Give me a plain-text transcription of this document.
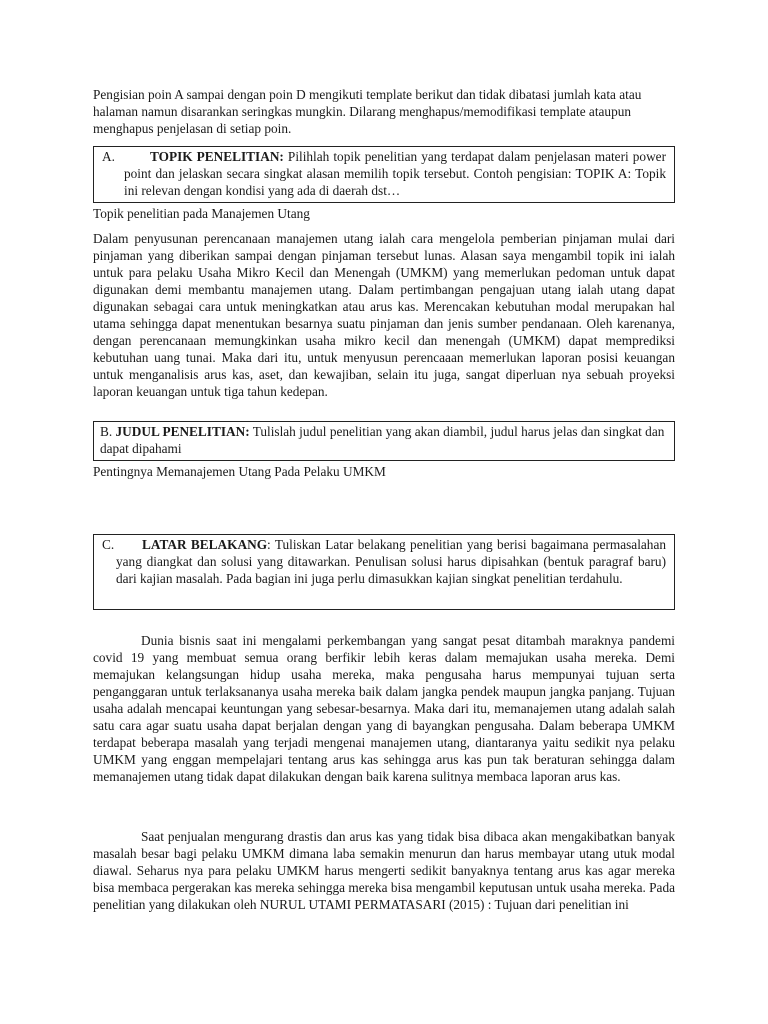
Pengisian poin A sampai dengan poin D mengikuti template berikut dan tidak dibatasi jumlah kata atau halaman namun disarankan seringkas mungkin. Dilarang menghapus/memodifikasi template ataupun menghapus penjelasan di setiap poin.

A.	TOPIK PENELITIAN: Pilihlah topik penelitian yang terdapat dalam penjelasan materi power point dan jelaskan secara singkat alasan memilih topik tersebut. Contoh pengisian: TOPIK A: Topik ini relevan dengan kondisi yang ada di daerah dst…
Topik penelitian pada Manajemen Utang

Dalam penyusunan perencanaan manajemen utang ialah cara mengelola pemberian pinjaman mulai dari pinjaman yang diberikan sampai dengan pinjaman tersebut lunas. Alasan saya mengambil topik ini ialah untuk para pelaku Usaha Mikro Kecil dan Menengah (UMKM) yang memerlukan pedoman untuk dapat digunakan demi membantu manajemen utang. Dalam pertimbangan pengajuan utang ialah utang dapat digunakan sebagai cara untuk meningkatkan atau arus kas. Merencakan kebutuhan modal merupakan hal utama sehingga dapat menentukan besarnya suatu pinjaman dan jenis sumber pendanaan. Oleh karenanya, dengan perencanaan memungkinkan usaha mikro kecil dan menengah (UMKM) dapat memprediksi kebutuhan uang tunai. Maka dari itu, untuk menyusun perencaaan memerlukan laporan posisi keuangan untuk menganalisis arus kas, aset, dan kewajiban, selain itu juga, sangat diperluan nya sebuah proyeksi laporan keuangan untuk tiga tahun kedepan.

B. JUDUL PENELITIAN: Tulislah judul penelitian yang akan diambil, judul harus jelas dan singkat dan dapat dipahami
Pentingnya Memanajemen Utang Pada Pelaku UMKM
C. LATAR BELAKANG: Tuliskan Latar belakang penelitian yang berisi bagaimana permasalahan yang diangkat dan solusi yang ditawarkan. Penulisan solusi harus dipisahkan (bentuk paragraf baru) dari kajian masalah. Pada bagian ini juga perlu dimasukkan kajian singkat penelitian terdahulu.

Dunia bisnis saat ini mengalami perkembangan yang sangat pesat ditambah maraknya pandemi covid 19 yang membuat semua orang berfikir lebih keras dalam memajukan usaha mereka. Demi memajukan kelangsungan hidup usaha mereka, maka pengusaha harus mempunyai tujuan serta penganggaran untuk terlaksananya usaha mereka baik dalam jangka pendek maupun jangka panjang. Tujuan usaha adalah mencapai keuntungan yang sebesar-besarnya. Maka dari itu, memanajemen utang adalah salah satu cara agar suatu usaha dapat berjalan dengan yang di bayangkan pengusaha. Dalam beberapa UMKM terdapat beberapa masalah yang terjadi mengenai manajemen utang, diantaranya yaitu sedikit nya pelaku UMKM yang enggan mempelajari tentang arus kas sehingga arus kas pun tak beraturan sehingga dalam memanajemen utang tidak dapat dilakukan dengan baik karena sulitnya membaca laporan arus kas.

Saat penjualan mengurang drastis dan arus kas yang tidak bisa dibaca akan mengakibatkan banyak masalah besar bagi pelaku UMKM dimana laba semakin menurun dan harus membayar utang utuk modal diawal. Seharus nya para pelaku UMKM harus mengerti sedikit banyaknya tentang arus kas agar mereka bisa membaca pergerakan kas mereka sehingga mereka bisa mengambil keputusan untuk usaha mereka. Pada penelitian yang dilakukan oleh NURUL UTAMI PERMATASARI (2015) : Tujuan dari penelitian ini
